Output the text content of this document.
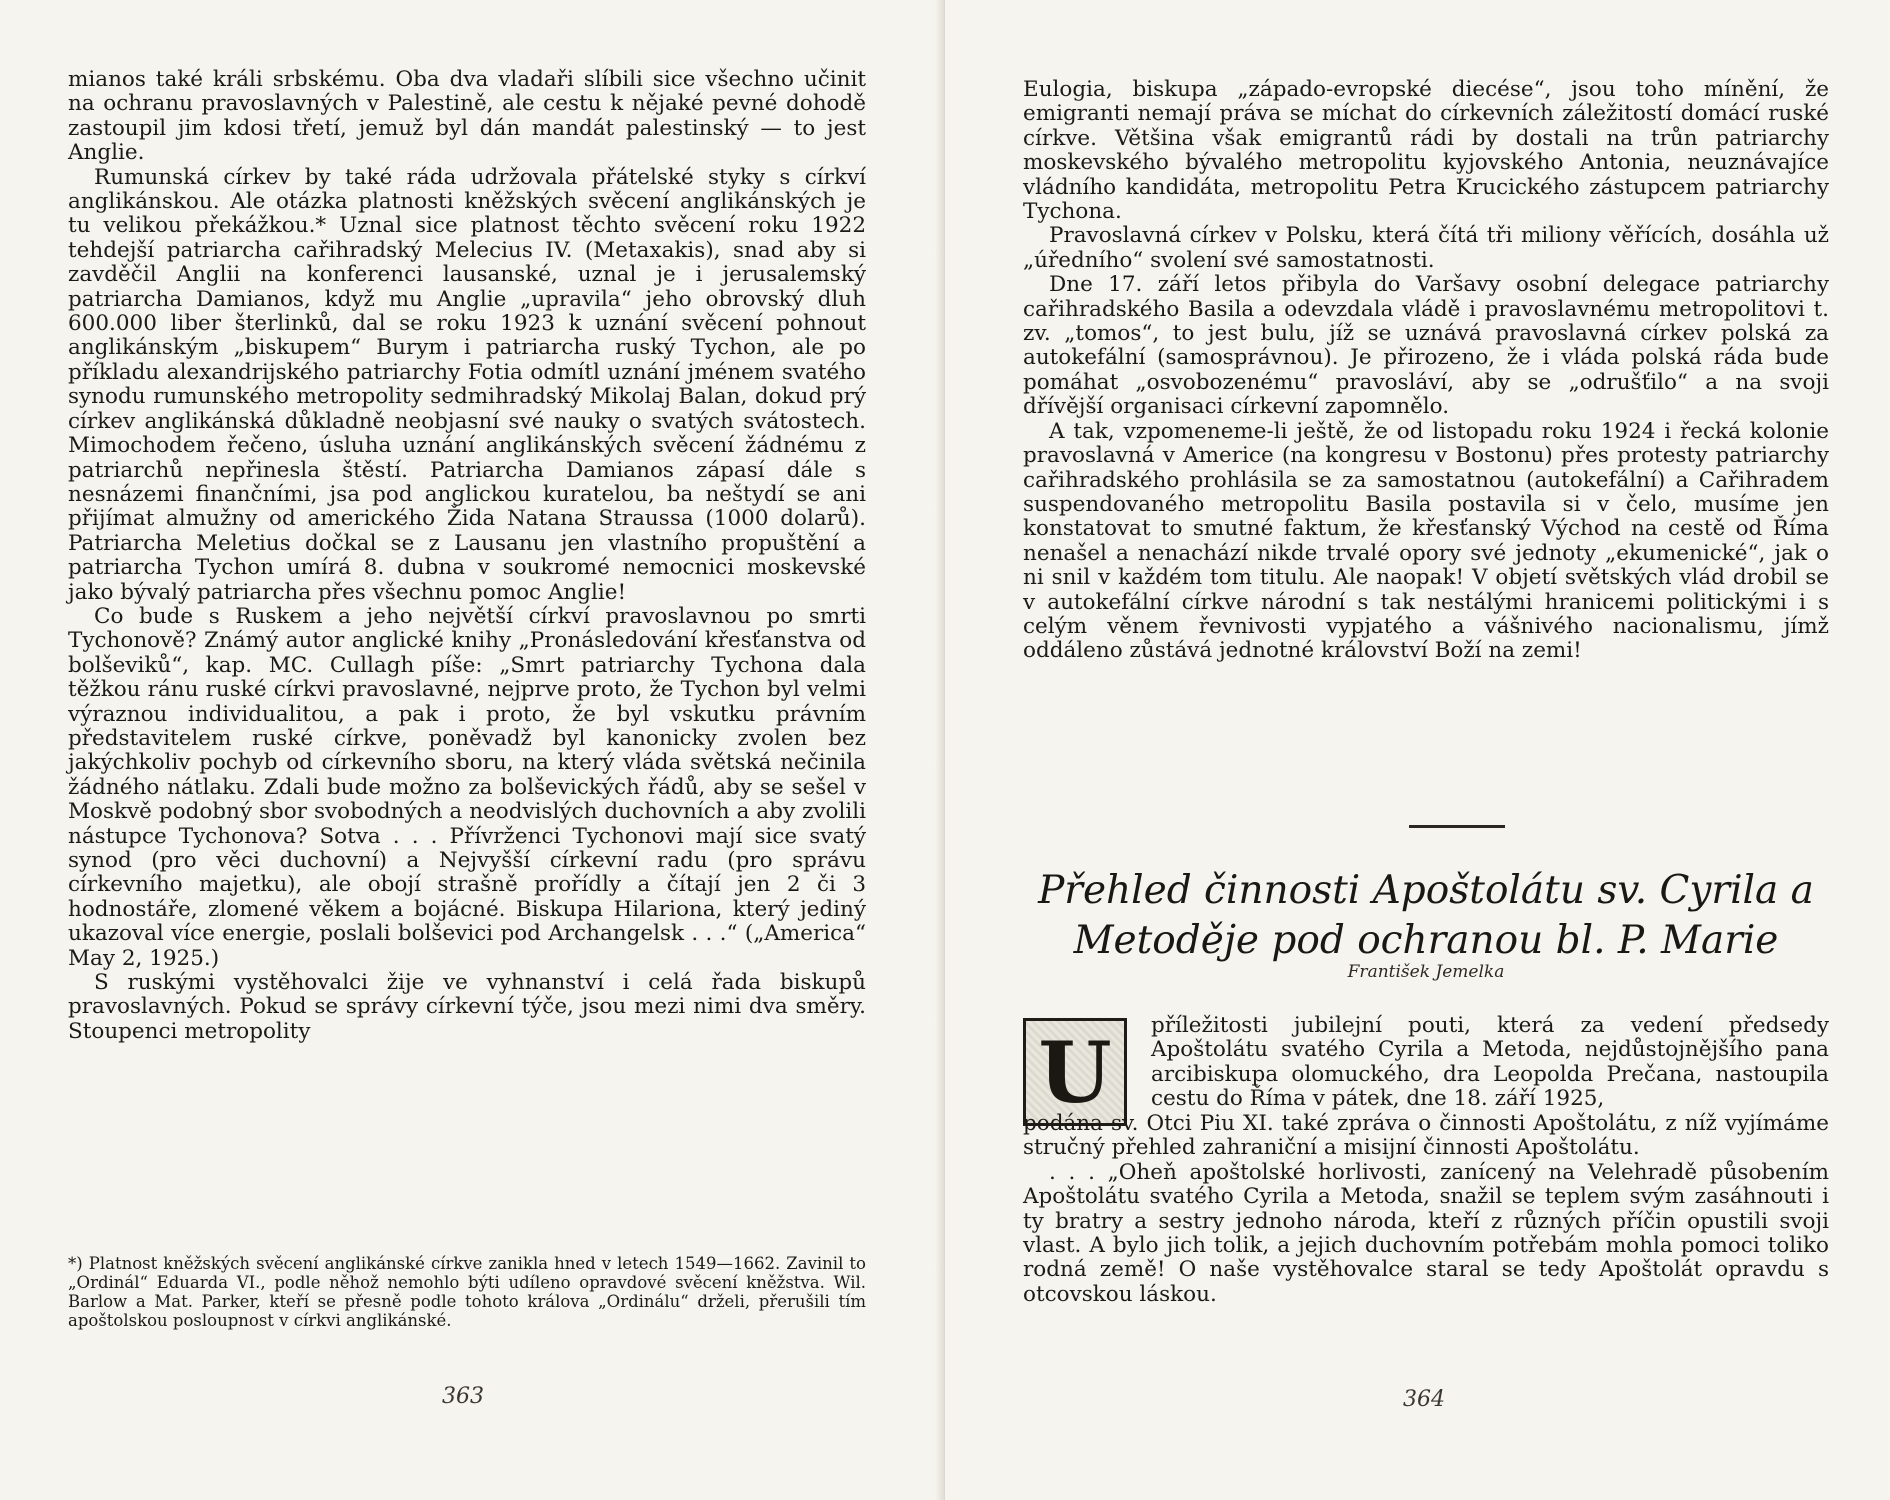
mianos také králi srbskému. Oba dva vladaři slíbili sice všechno učinit na ochranu pravoslavných v Palestině, ale cestu k nějaké pevné dohodě zastoupil jim kdosi třetí, jemuž byl dán mandát palestinský — to jest Anglie.

Rumunská církev by také ráda udržovala přátelské styky s církví anglikánskou. Ale otázka platnosti kněžských svěcení anglikánských je tu velikou překážkou.* Uznal sice platnost těchto svěcení roku 1922 tehdejší patriarcha cařihradský Melecius IV. (Metaxakis), snad aby si zavděčil Anglii na konferenci lausanské, uznal je i jerusalemský patriarcha Damianos, když mu Anglie „upravila“ jeho obrovský dluh 600.000 liber šterlinků, dal se roku 1923 k uznání svěcení pohnout anglikánským „biskupem“ Burym i patriarcha ruský Tychon, ale po příkladu alexandrijského patriarchy Fotia odmítl uznání jménem svatého synodu rumunského metropolity sedmihradský Mikolaj Balan, dokud prý církev anglikánská důkladně neobjasní své nauky o svatých svátostech. Mimochodem řečeno, úsluha uznání anglikánských svěcení žádnému z patriarchů nepřinesla štěstí. Patriarcha Damianos zápasí dále s nesnázemi finančními, jsa pod anglickou kuratelou, ba neštydí se ani přijímat almužny od amerického Žida Natana Straussa (1000 dolarů). Patriarcha Meletius dočkal se z Lausanu jen vlastního propuštění a patriarcha Tychon umírá 8. dubna v soukromé nemocnici moskevské jako bývalý patriarcha přes všechnu pomoc Anglie!

Co bude s Ruskem a jeho největší církví pravoslavnou po smrti Tychonově? Známý autor anglické knihy „Pronásledování křesťanstva od bolševiků“, kap. MC. Cullagh píše: „Smrt patriarchy Tychona dala těžkou ránu ruské církvi pravoslavné, nejprve proto, že Tychon byl velmi výraznou individualitou, a pak i proto, že byl vskutku právním představitelem ruské církve, poněvadž byl kanonicky zvolen bez jakýchkoliv pochyb od církevního sboru, na který vláda světská nečinila žádného nátlaku. Zdali bude možno za bolševických řádů, aby se sešel v Moskvě podobný sbor svobodných a neodvislých duchovních a aby zvolili nástupce Tychonova? Sotva . . . Přívrženci Tychonovi mají sice svatý synod (pro věci duchovní) a Nejvyšší církevní radu (pro správu církevního majetku), ale obojí strašně prořídly a čítají jen 2 či 3 hodnostáře, zlomené věkem a bojácné. Biskupa Hilariona, který jediný ukazoval více energie, poslali bolševici pod Archangelsk . . .“ („America“ May 2, 1925.)

S ruskými vystěhovalci žije ve vyhnanství i celá řada biskupů pravoslavných. Pokud se správy církevní týče, jsou mezi nimi dva směry. Stoupenci metropolity

*) Platnost kněžských svěcení anglikánské církve zanikla hned v letech 1549—1662. Zavinil to „Ordinál“ Eduarda VI., podle něhož nemohlo býti udíleno opravdové svěcení kněžstva. Wil. Barlow a Mat. Parker, kteří se přesně podle tohoto králova „Ordinálu“ drželi, přerušili tím apoštolskou posloupnost v církvi anglikánské.
363

Eulogia, biskupa „západo-evropské diecése“, jsou toho mínění, že emigranti nemají práva se míchat do církevních záležitostí domácí ruské církve. Většina však emigrantů rádi by dostali na trůn patriarchy moskevského bývalého metropolitu kyjovského Antonia, neuznávajíce vládního kandidáta, metropolitu Petra Krucického zástupcem patriarchy Tychona.

Pravoslavná církev v Polsku, která čítá tři miliony věřících, dosáhla už „úředního“ svolení své samostatnosti.

Dne 17. září letos přibyla do Varšavy osobní delegace patriarchy cařihradského Basila a odevzdala vládě i pravoslavnému metropolitovi t. zv. „tomos“, to jest bulu, jíž se uznává pravoslavná církev polská za autokefální (samosprávnou). Je přirozeno, že i vláda polská ráda bude pomáhat „osvobozenému“ pravosláví, aby se „odrušťilo“ a na svoji dřívější organisaci církevní zapomnělo.

A tak, vzpomeneme-li ještě, že od listopadu roku 1924 i řecká kolonie pravoslavná v Americe (na kongresu v Bostonu) přes protesty patriarchy cařihradského prohlásila se za samostatnou (autokefální) a Cařihradem suspendovaného metropolitu Basila postavila si v čelo, musíme jen konstatovat to smutné faktum, že křesťanský Východ na cestě od Říma nenašel a nenachází nikde trvalé opory své jednoty „ekumenické“, jak o ni snil v každém tom titulu. Ale naopak! V objetí světských vlád drobil se v autokefální církve národní s tak nestálými hranicemi politickými i s celým věnem řevnivosti vypjatého a vášnivého nacionalismu, jímž oddáleno zůstává jednotné království Boží na zemi!

Přehled činnosti Apoštolátu sv. Cyrila a Metoděje pod ochranou bl. P. Marie
František Jemelka
U	příležitosti jubilejní pouti, která za vedení předsedy Apoštolátu svatého Cyrila a Metoda, nejdůstojnějšího pana arcibiskupa olomuckého, dra Leopolda Prečana, nastoupila cestu do Říma v pátek, dne 18. září 1925,

podána sv. Otci Piu XI. také zpráva o činnosti Apoštolátu, z níž vyjímáme stručný přehled zahraniční a misijní činnosti Apoštolátu.

. . . „Oheň apoštolské horlivosti, zanícený na Velehradě působením Apoštolátu svatého Cyrila a Metoda, snažil se teplem svým zasáhnouti i ty bratry a sestry jednoho národa, kteří z různých příčin opustili svoji vlast. A bylo jich tolik, a jejich duchovním potřebám mohla pomoci toliko rodná země! O naše vystěhovalce staral se tedy Apoštolát opravdu s otcovskou láskou.

364
